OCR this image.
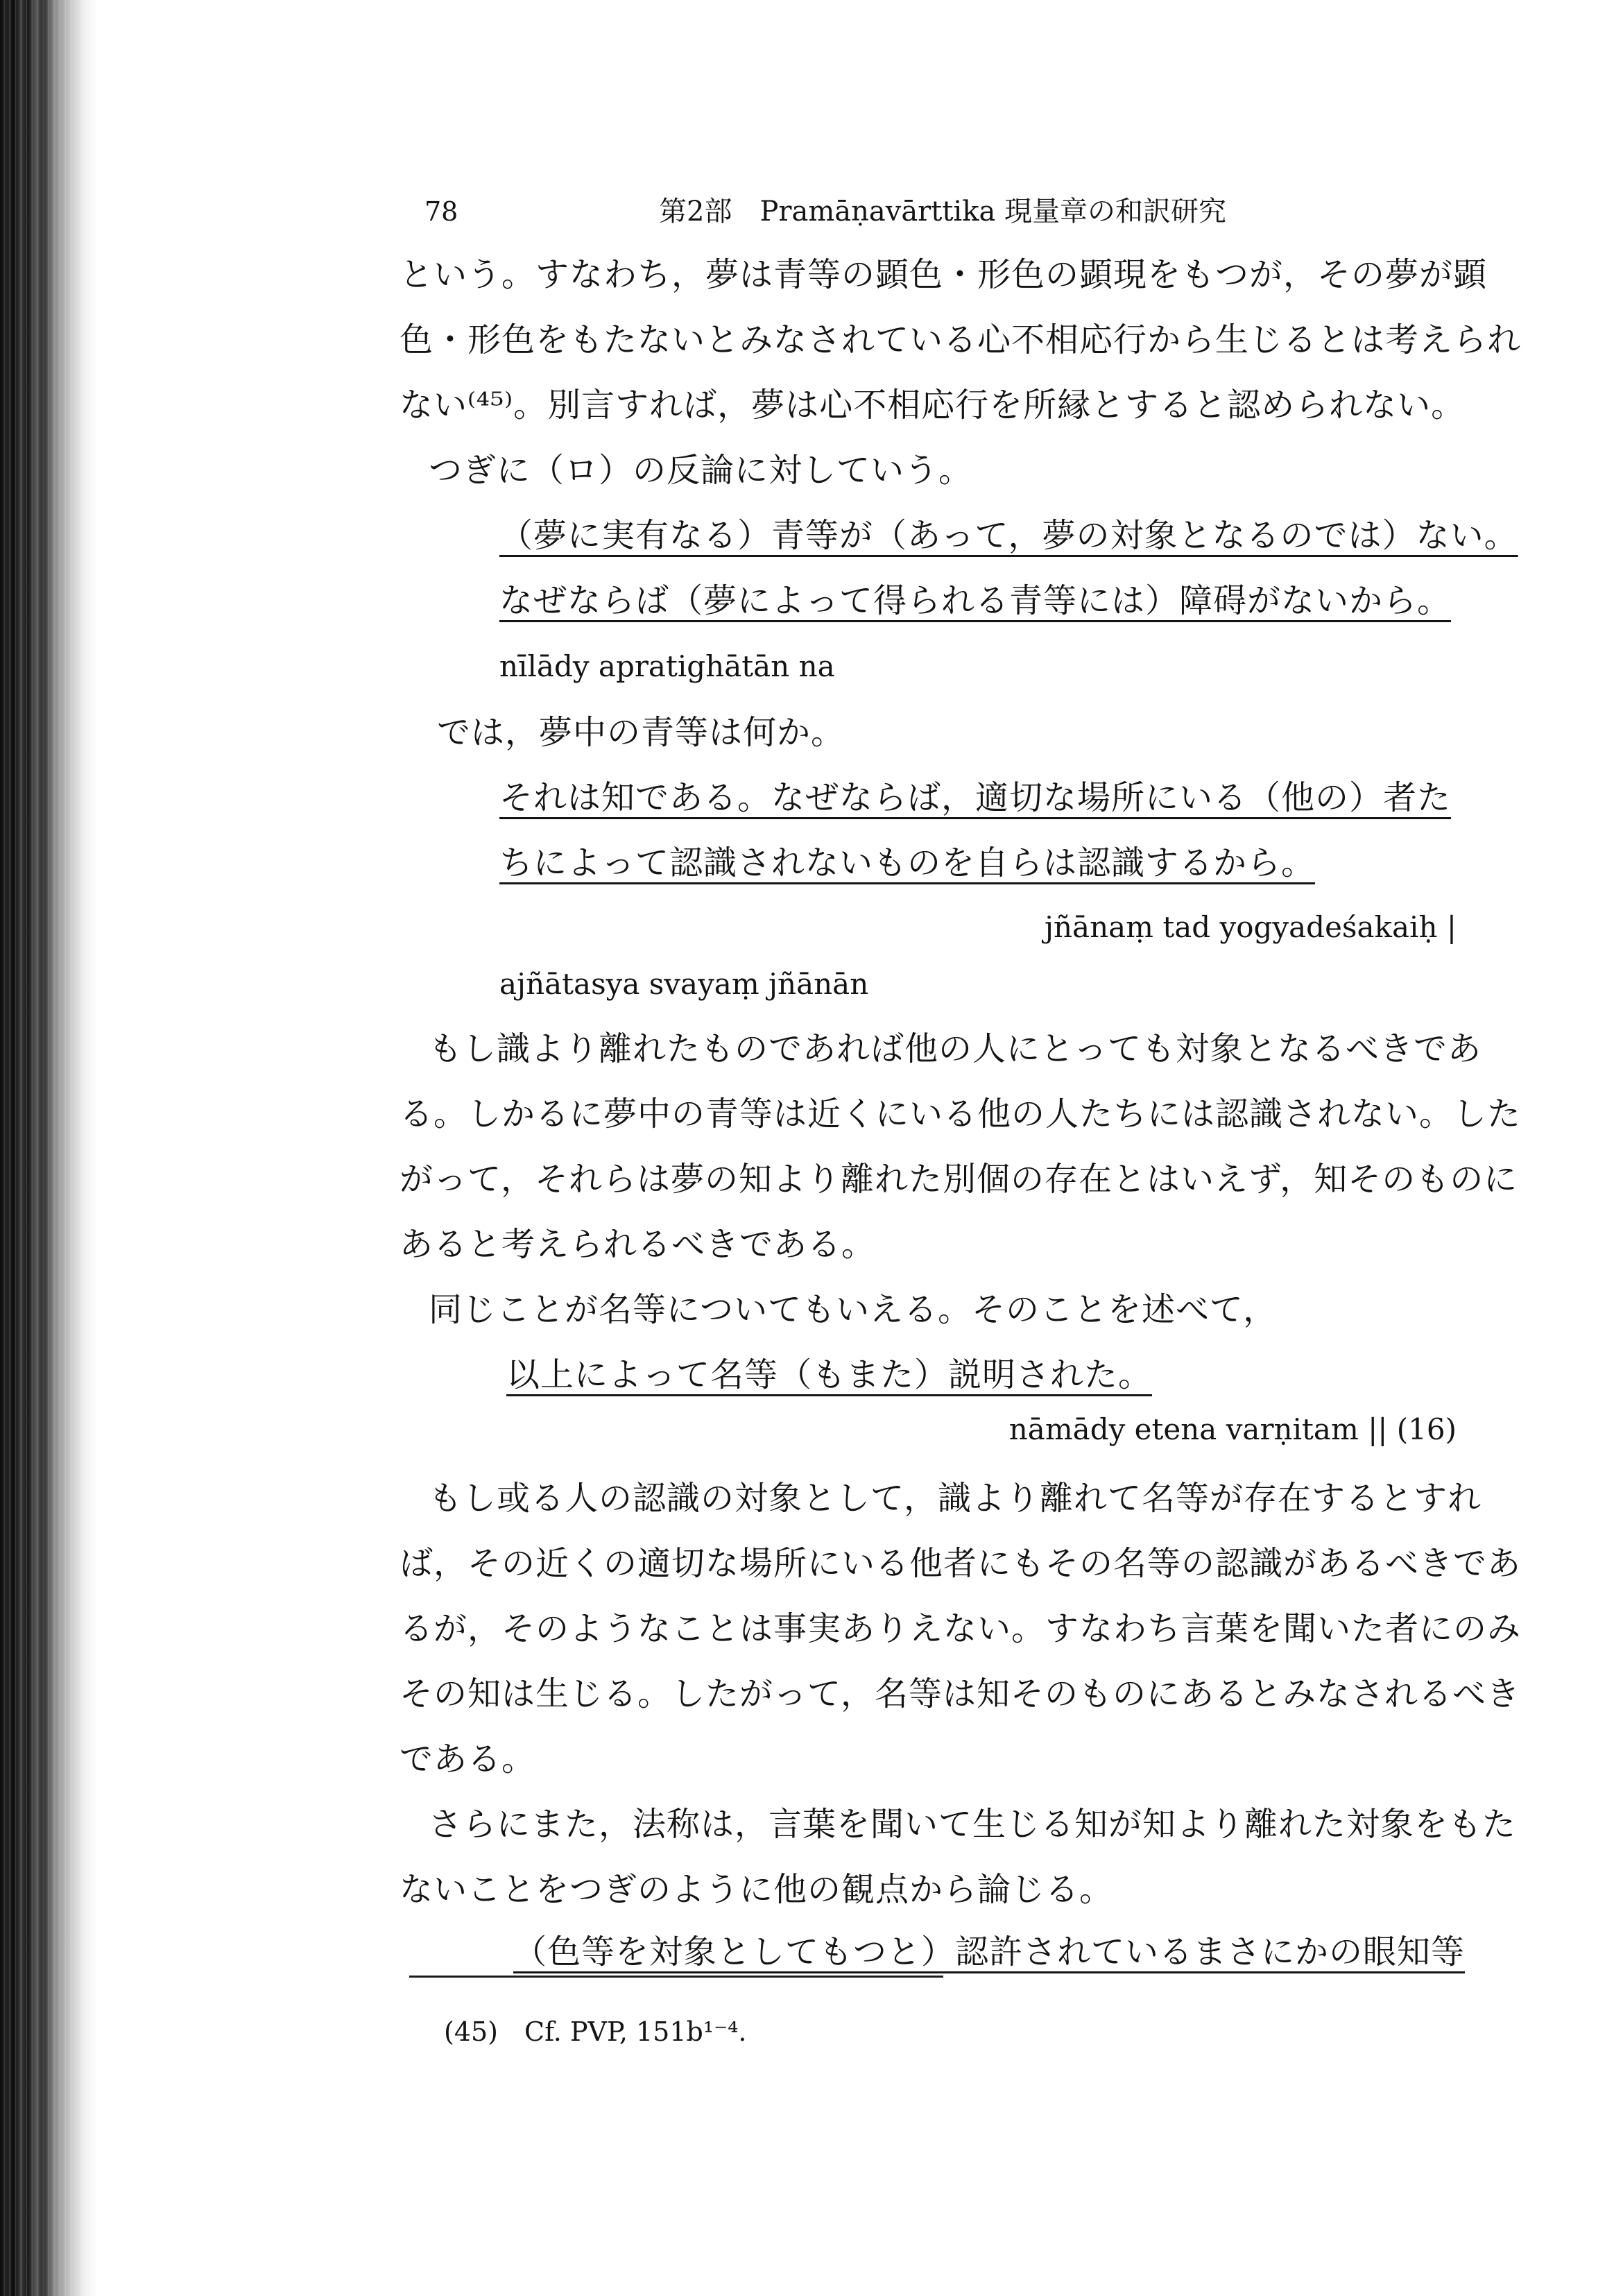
78	第2部　Pramāṇavārttika 現量章の和訳研究
という。すなわち，夢は青等の顕色・形色の顕現をもつが，その夢が顕
色・形色をもたないとみなされている心不相応行から生じるとは考えられ
ない⁽⁴⁵⁾。別言すれば，夢は心不相応行を所縁とすると認められない。
つぎに（ロ）の反論に対していう。
（夢に実有なる）青等が（あって，夢の対象となるのでは）ない。
なぜならば（夢によって得られる青等には）障碍がないから。
nīlādy apratighātān na
では，夢中の青等は何か。
それは知である。なぜならば，適切な場所にいる（他の）者た
ちによって認識されないものを自らは認識するから。
jñānaṃ tad yogyadeśakaiḥ |
ajñātasya svayaṃ jñānān
もし識より離れたものであれば他の人にとっても対象となるべきであ
る。しかるに夢中の青等は近くにいる他の人たちには認識されない。した
がって，それらは夢の知より離れた別個の存在とはいえず，知そのものに
あると考えられるべきである。
同じことが名等についてもいえる。そのことを述べて，
以上によって名等（もまた）説明された。
nāmādy etena varṇitam || (16)
もし或る人の認識の対象として，識より離れて名等が存在するとすれ
ば，その近くの適切な場所にいる他者にもその名等の認識があるべきであ
るが，そのようなことは事実ありえない。すなわち言葉を聞いた者にのみ
その知は生じる。したがって，名等は知そのものにあるとみなされるべき
である。
さらにまた，法称は，言葉を聞いて生じる知が知より離れた対象をもた
ないことをつぎのように他の観点から論じる。
（色等を対象としてもつと）認許されているまさにかの眼知等
(45)　Cf. PVP, 151b¹⁻⁴.
